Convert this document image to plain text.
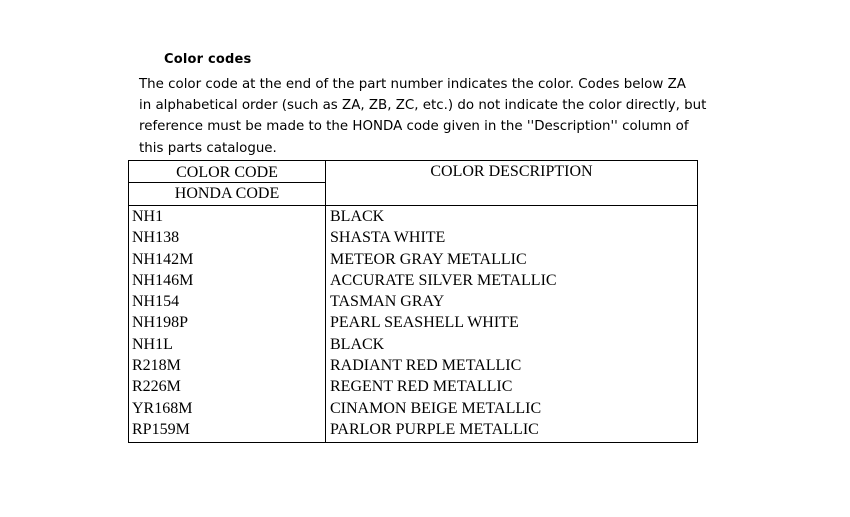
Color codes
The color code at the end of the part number indicates the color. Codes below ZA
in alphabetical order (such as ZA, ZB, ZC, etc.) do not indicate the color directly, but
reference must be made to the HONDA code given in the ''Description'' column of
this parts catalogue.
COLOR CODE
HONDA CODE
COLOR DESCRIPTION
NH1	BLACK
NH138	SHASTA WHITE
NH142M	METEOR GRAY METALLIC
NH146M	ACCURATE SILVER METALLIC
NH154	TASMAN GRAY
NH198P	PEARL SEASHELL WHITE
NH1L	BLACK
R218M	RADIANT RED METALLIC
R226M	REGENT RED METALLIC
YR168M	CINAMON BEIGE METALLIC
RP159M	PARLOR PURPLE METALLIC
